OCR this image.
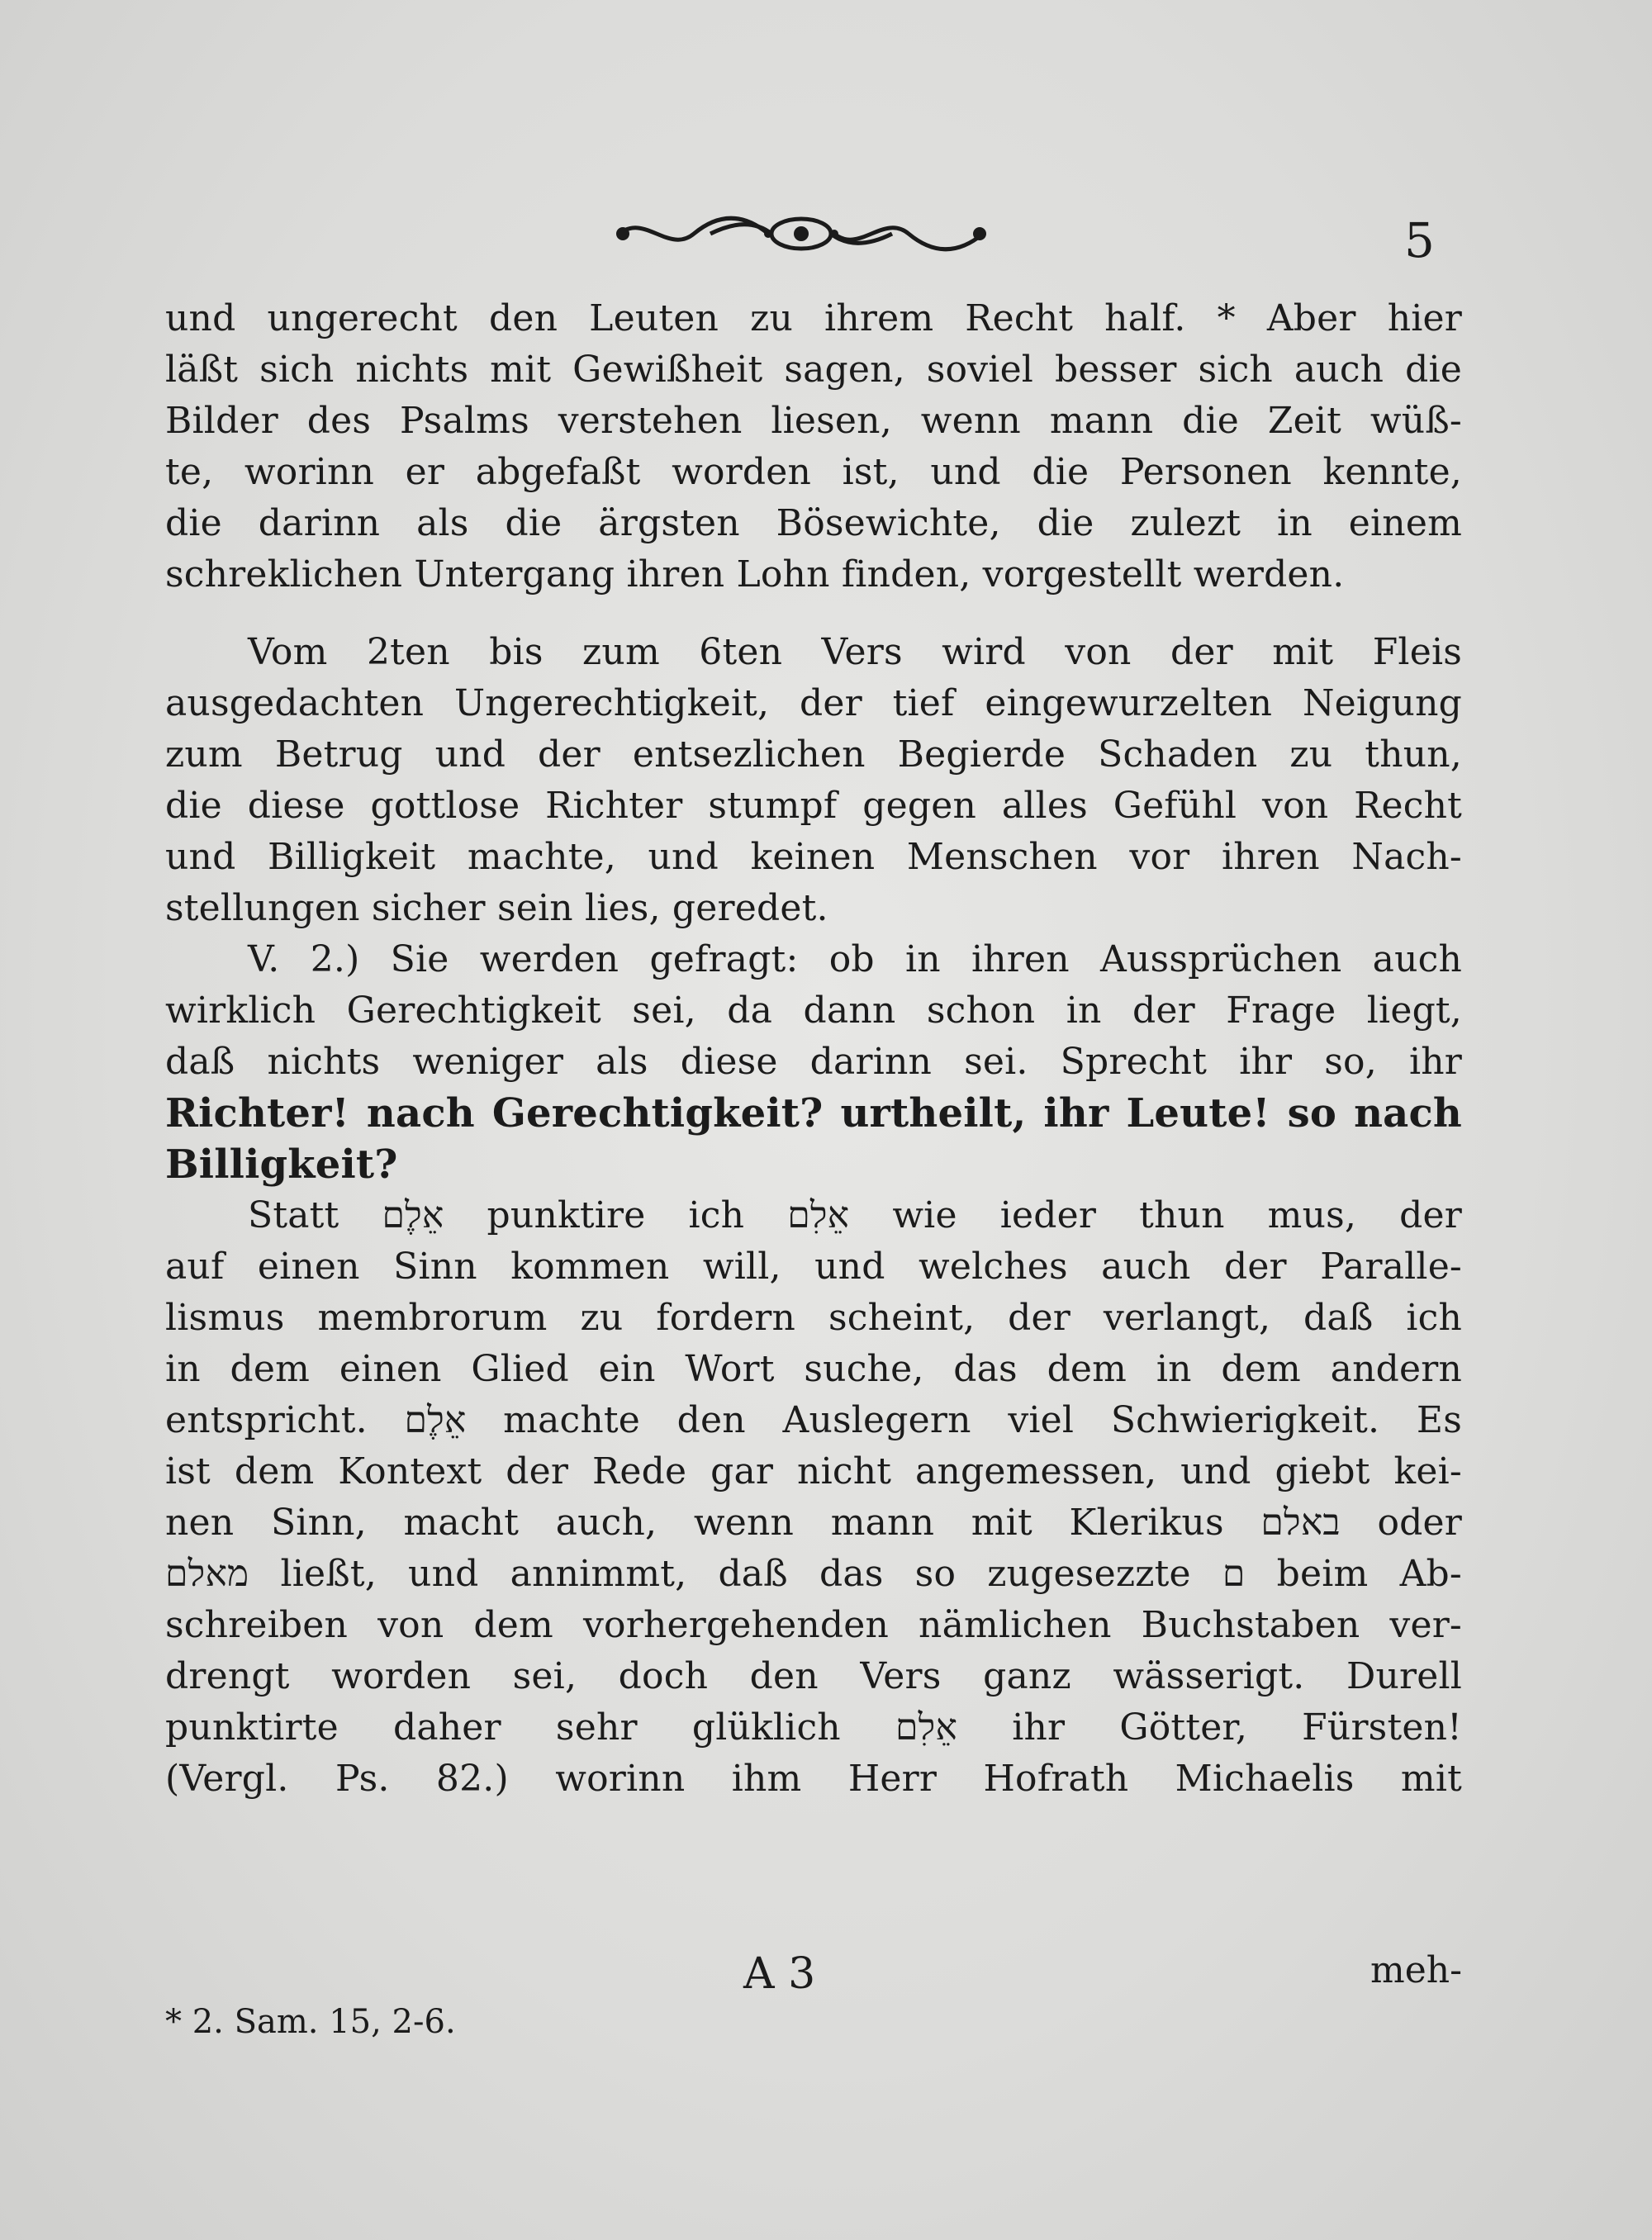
5
und ungerecht den Leuten zu ihrem Recht half. * Aber hier
läßt sich nichts mit Gewißheit sagen, soviel besser sich auch die
Bilder des Psalms verstehen liesen, wenn mann die Zeit wüß-
te, worinn er abgefaßt worden ist, und die Personen kennte,
die darinn als die ärgsten Bösewichte, die zulezt in einem
schreklichen Untergang ihren Lohn finden, vorgestellt werden.
Vom 2ten bis zum 6ten Vers wird von der mit Fleis
ausgedachten Ungerechtigkeit, der tief eingewurzelten Neigung
zum Betrug und der entsezlichen Begierde Schaden zu thun,
die diese gottlose Richter stumpf gegen alles Gefühl von Recht
und Billigkeit machte, und keinen Menschen vor ihren Nach-
stellungen sicher sein lies, geredet.
V. 2.) Sie werden gefragt: ob in ihren Aussprüchen auch
wirklich Gerechtigkeit sei, da dann schon in der Frage liegt,
daß nichts weniger als diese darinn sei. Sprecht ihr so, ihr
Richter! nach Gerechtigkeit? urtheilt, ihr Leute! so nach
Billigkeit?
Statt אֵלֶם punktire ich אֵלִם wie ieder thun mus, der
auf einen Sinn kommen will, und welches auch der Paralle-
lismus membrorum zu fordern scheint, der verlangt, daß ich
in dem einen Glied ein Wort suche, das dem in dem andern
entspricht. אֵלֶם machte den Auslegern viel Schwierigkeit. Es
ist dem Kontext der Rede gar nicht angemessen, und giebt kei-
nen Sinn, macht auch, wenn mann mit Klerikus באלם oder
מאלם ließt, und annimmt, daß das so zugesezzte ם beim Ab-
schreiben von dem vorhergehenden nämlichen Buchstaben ver-
drengt worden sei, doch den Vers ganz wässerigt. Durell
punktirte daher sehr glüklich אֵלִם ihr Götter, Fürsten!
(Vergl. Ps. 82.) worinn ihm Herr Hofrath Michaelis mit
A 3	meh-
* 2. Sam. 15, 2-6.
